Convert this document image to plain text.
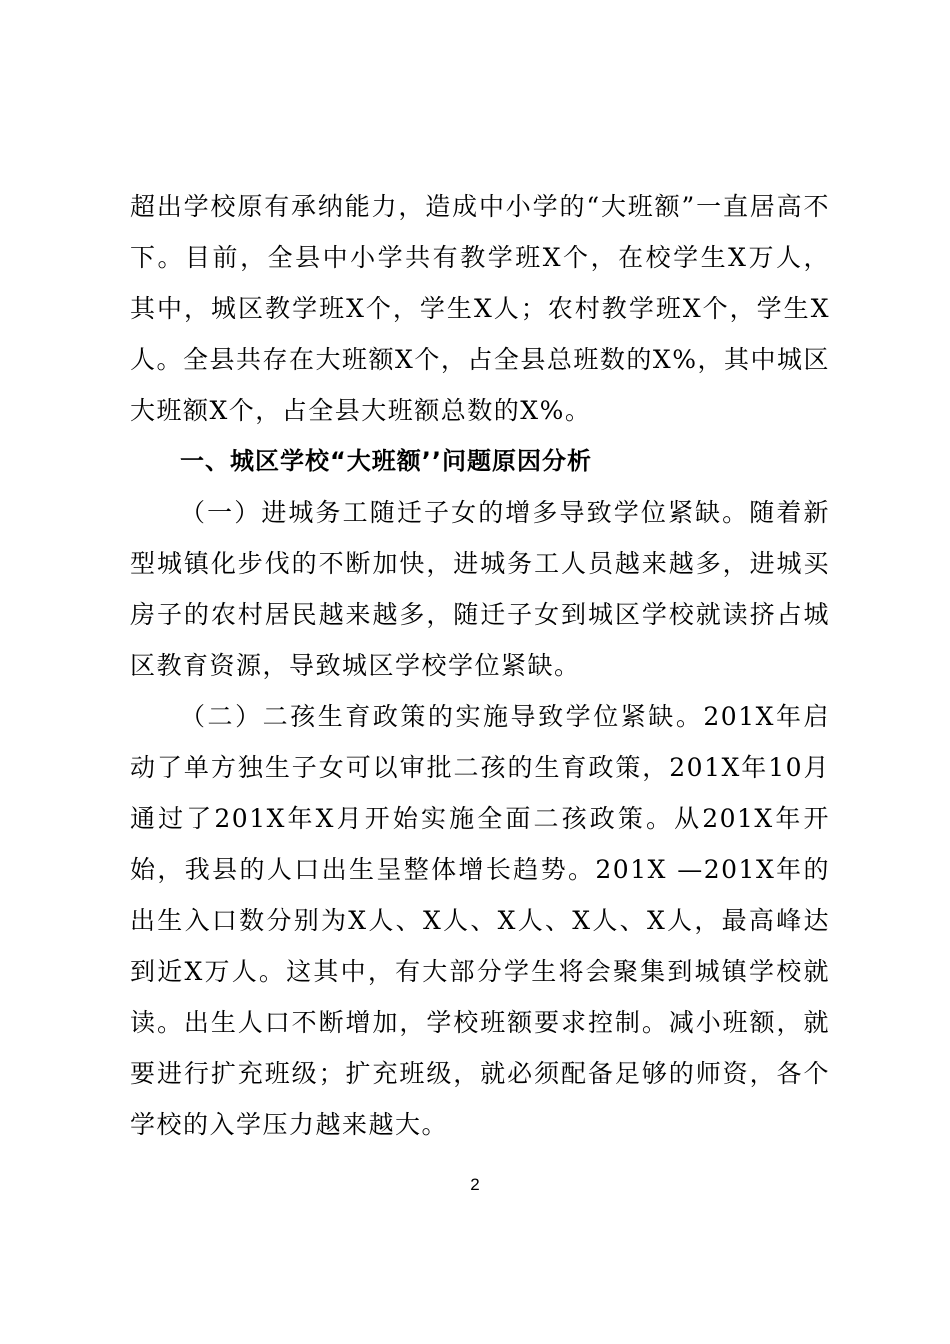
超出学校原有承纳能力，造成中小学的“大班额”一直居高不下。目前，全县中小学共有教学班X个，在校学生X万人，其中，城区教学班X个，学生X人；农村教学班X个，学生X人。全县共存在大班额X个，占全县总班数的X%，其中城区大班额X个，占全县大班额总数的X%。

一、城区学校“大班额’’问题原因分析

（一）进城务工随迁子女的增多导致学位紧缺。随着新型城镇化步伐的不断加快，进城务工人员越来越多，进城买房子的农村居民越来越多，随迁子女到城区学校就读挤占城区教育资源，导致城区学校学位紧缺。

（二）二孩生育政策的实施导致学位紧缺。201X年启动了单方独生子女可以审批二孩的生育政策，201X年10月通过了201X年X月开始实施全面二孩政策。从201X年开始，我县的人口出生呈整体增长趋势。201X —201X年的出生入口数分别为X人、X人、X人、X人、X人，最高峰达到近X万人。这其中，有大部分学生将会聚集到城镇学校就读。出生人口不断增加，学校班额要求控制。减小班额，就要进行扩充班级；扩充班级，就必须配备足够的师资，各个学校的入学压力越来越大。

2
